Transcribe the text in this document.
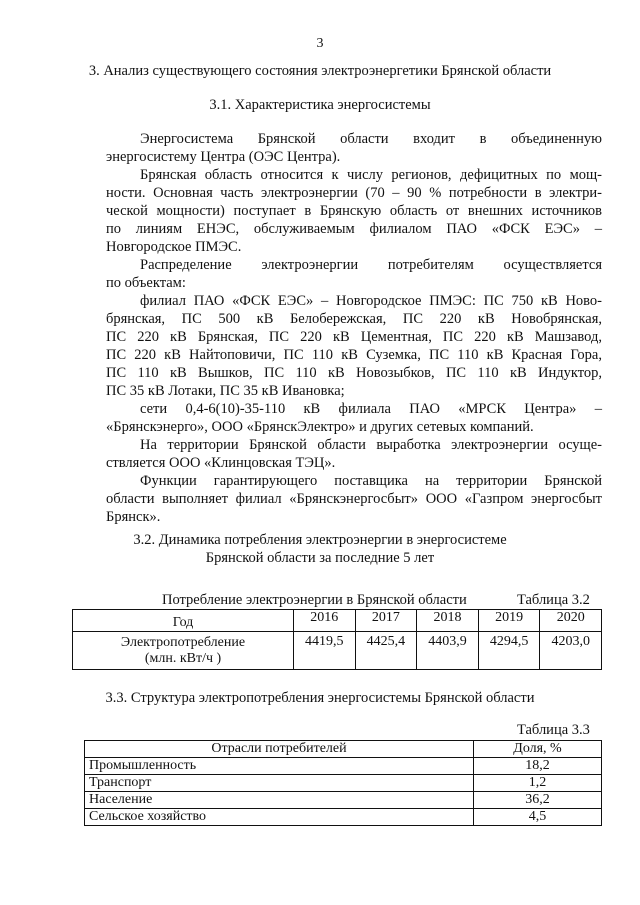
3
3. Анализ существующего состояния электроэнергетики Брянской области
3.1. Характеристика энергосистемы
Энергосистема Брянской области входит в объединенную
энергосистему Центра (ОЭС Центра).
Брянская область относится к числу регионов, дефицитных по мощ-
ности. Основная часть электроэнергии (70 – 90 % потребности в электри-
ческой мощности) поступает в Брянскую область от внешних источников
по линиям ЕНЭС, обслуживаемым филиалом ПАО «ФСК ЕЭС» –
Новгородское ПМЭС.
Распределение электроэнергии потребителям осуществляется
по объектам:
филиал ПАО «ФСК ЕЭС» – Новгородское ПМЭС: ПС 750 кВ Ново-
брянская, ПС 500 кВ Белобережская, ПС 220 кВ Новобрянская,
ПС 220 кВ Брянская, ПС 220 кВ Цементная, ПС 220 кВ Машзавод,
ПС 220 кВ Найтоповичи, ПС 110 кВ Суземка, ПС 110 кВ Красная Гора,
ПС 110 кВ Вышков, ПС 110 кВ Новозыбков, ПС 110 кВ Индуктор,
ПС 35 кВ Лотаки, ПС 35 кВ Ивановка;
сети 0,4-6(10)-35-110 кВ филиала ПАО «МРСК Центра» –
«Брянскэнерго», ООО «БрянскЭлектро» и других сетевых компаний.
На территории Брянской области выработка электроэнергии осуще-
ствляется ООО «Клинцовская ТЭЦ».
Функции гарантирующего поставщика на территории Брянской
области выполняет филиал «Брянскэнергосбыт» ООО «Газпром энергосбыт
Брянск».
3.2. Динамика потребления электроэнергии в энергосистеме
Брянской области за последние 5 лет
Потребление электроэнергии в Брянской области	Таблица 3.2
Год	2016	2017	2018	2019	2020

Электропотребление
(млн. кВт/ч )	4419,5	4425,4	4403,9	4294,5	4203,0
3.3. Структура электропотребления энергосистемы Брянской области
Таблица 3.3
Отрасли потребителей	Доля, %
Промышленность	18,2
Транспорт	1,2
Население	36,2
Сельское хозяйство	4,5
